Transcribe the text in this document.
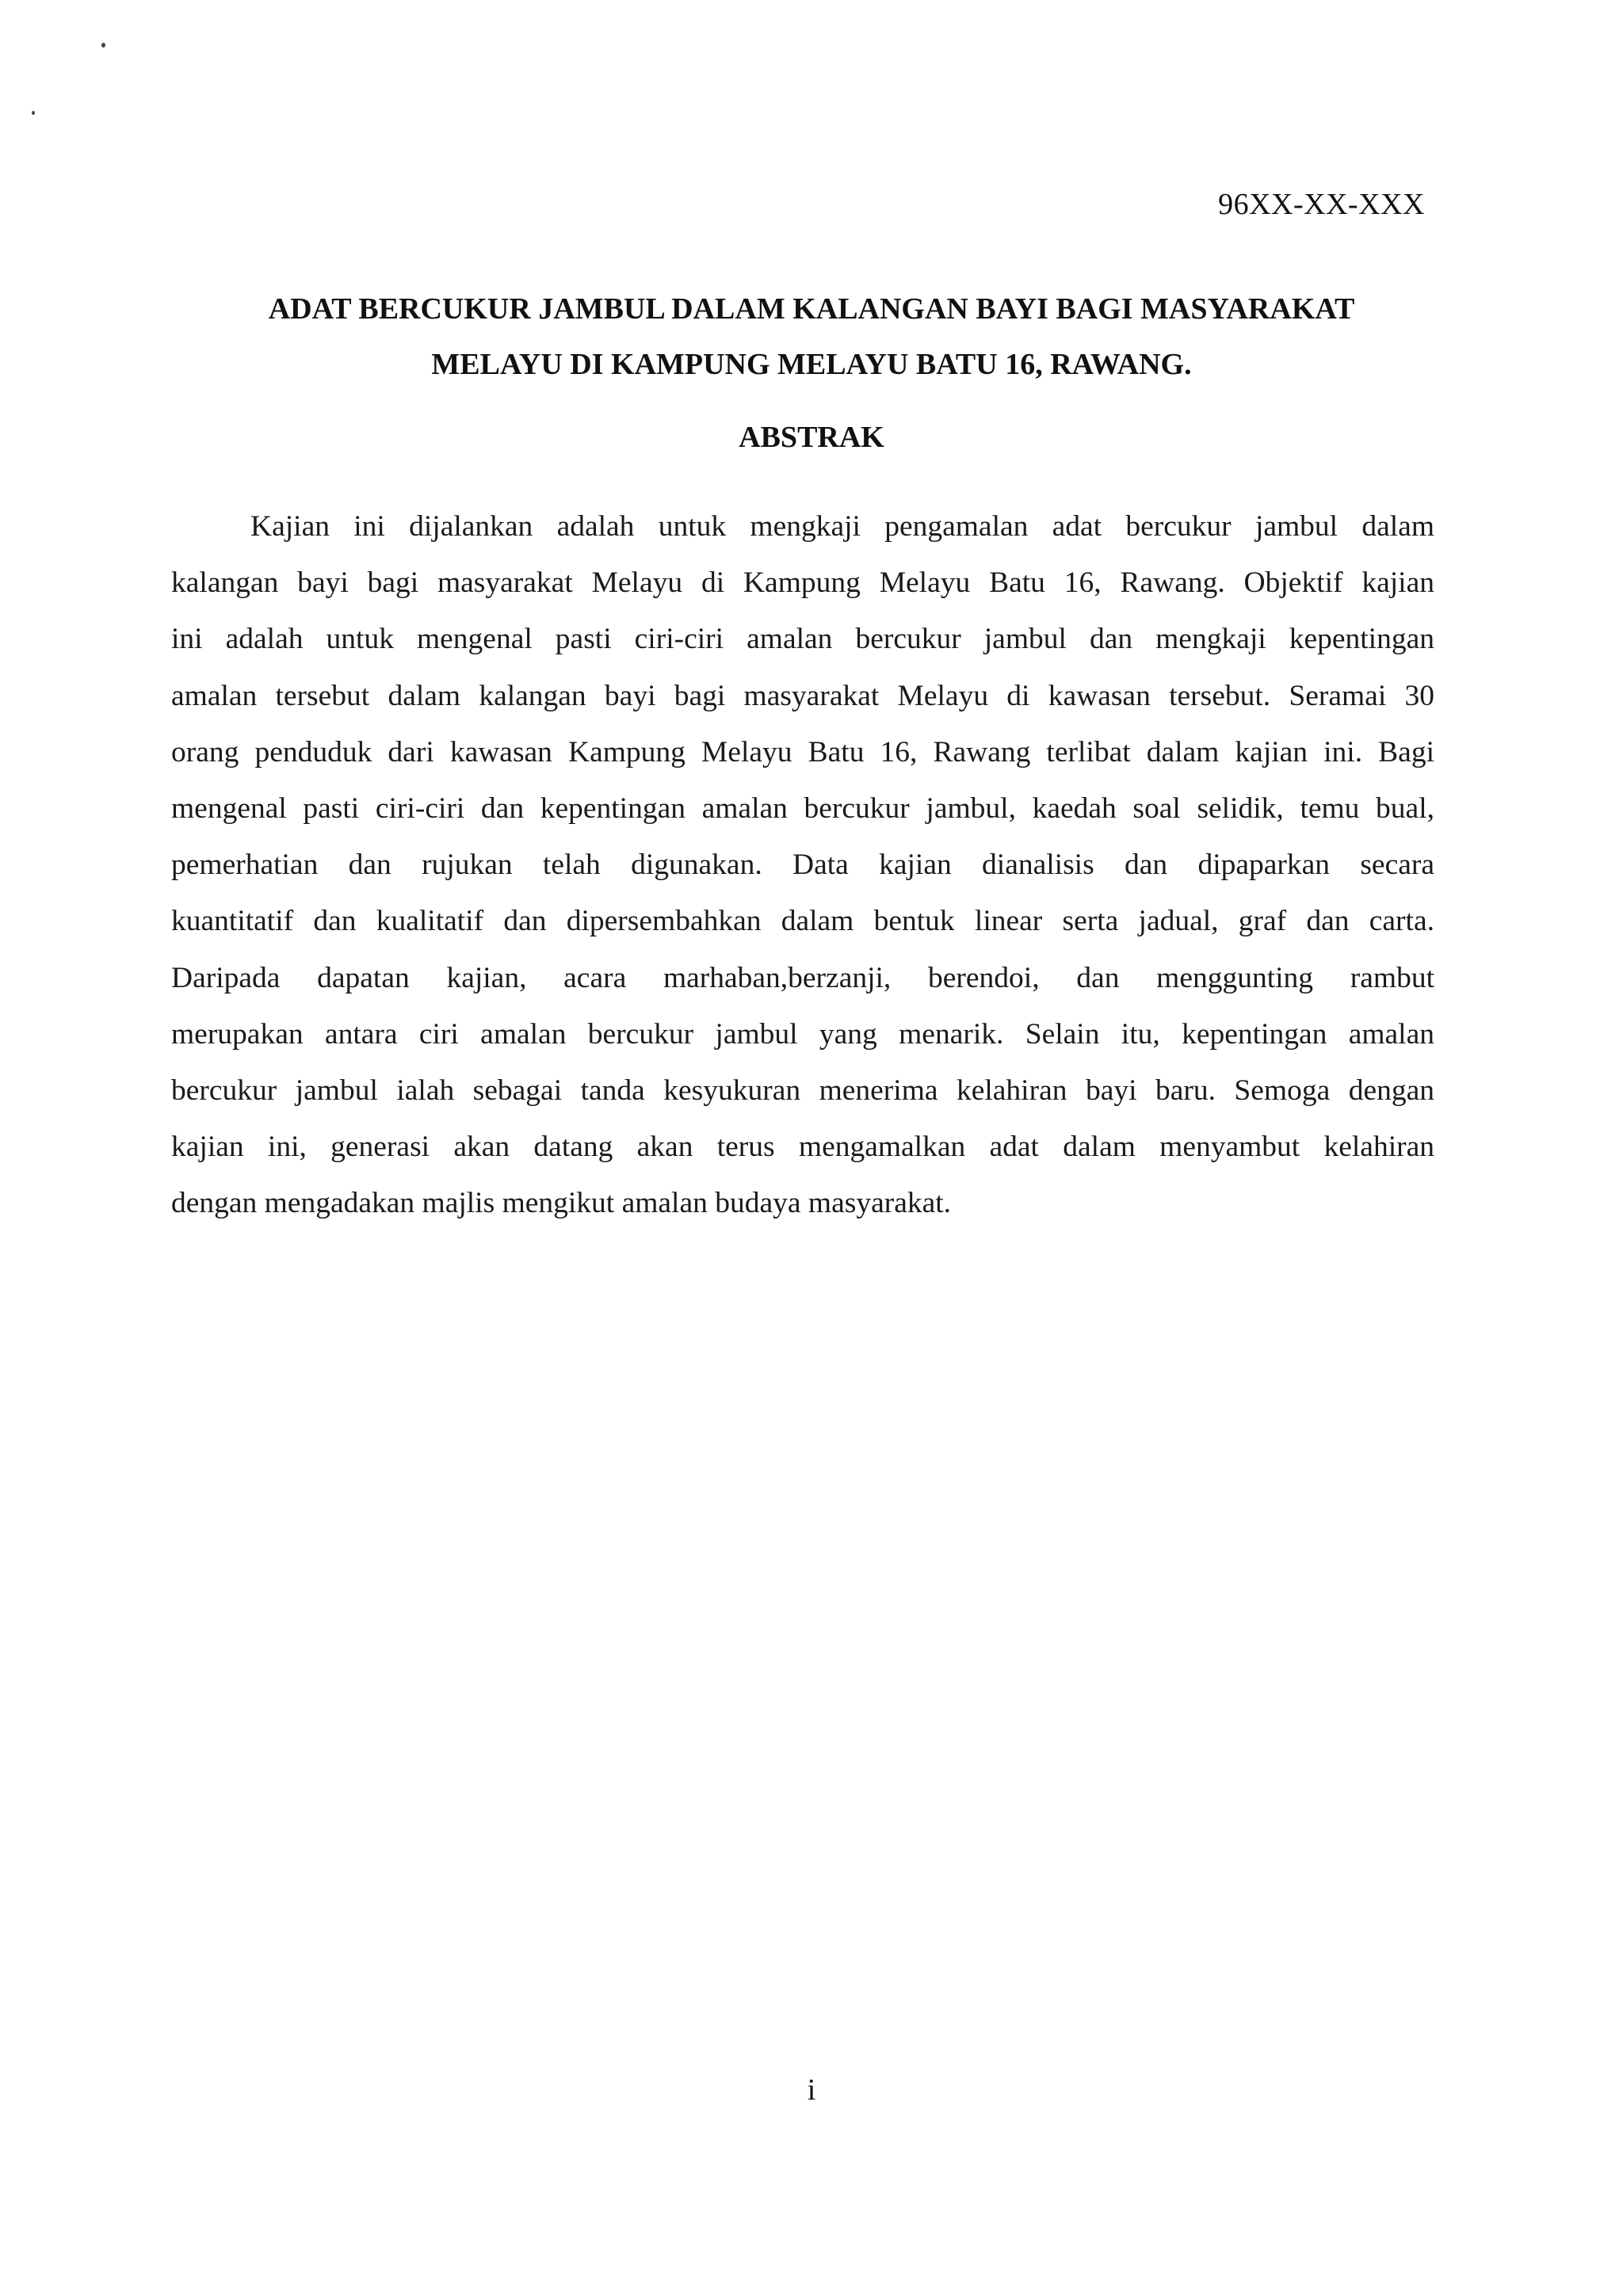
96XX-XX-XXX
ADAT BERCUKUR JAMBUL DALAM KALANGAN BAYI BAGI MASYARAKAT
MELAYU DI KAMPUNG MELAYU BATU 16, RAWANG.
ABSTRAK
Kajian ini dijalankan adalah untuk mengkaji pengamalan adat bercukur jambul dalam
kalangan bayi bagi masyarakat Melayu di Kampung Melayu Batu 16, Rawang. Objektif kajian
ini adalah untuk mengenal pasti ciri-ciri amalan bercukur jambul dan mengkaji kepentingan
amalan tersebut dalam kalangan bayi bagi masyarakat Melayu di kawasan tersebut. Seramai 30
orang penduduk dari kawasan Kampung Melayu Batu 16, Rawang terlibat dalam kajian ini. Bagi
mengenal pasti ciri-ciri dan kepentingan amalan bercukur jambul, kaedah soal selidik, temu bual,
pemerhatian dan rujukan telah digunakan. Data kajian dianalisis dan dipaparkan secara
kuantitatif dan kualitatif dan dipersembahkan dalam bentuk linear serta jadual, graf dan carta.
Daripada dapatan kajian, acara marhaban,berzanji, berendoi, dan menggunting rambut
merupakan antara ciri amalan bercukur jambul yang menarik. Selain itu, kepentingan amalan
bercukur jambul ialah sebagai tanda kesyukuran menerima kelahiran bayi baru. Semoga dengan
kajian ini, generasi akan datang akan terus mengamalkan adat dalam menyambut kelahiran
dengan mengadakan majlis mengikut amalan budaya masyarakat.
i
